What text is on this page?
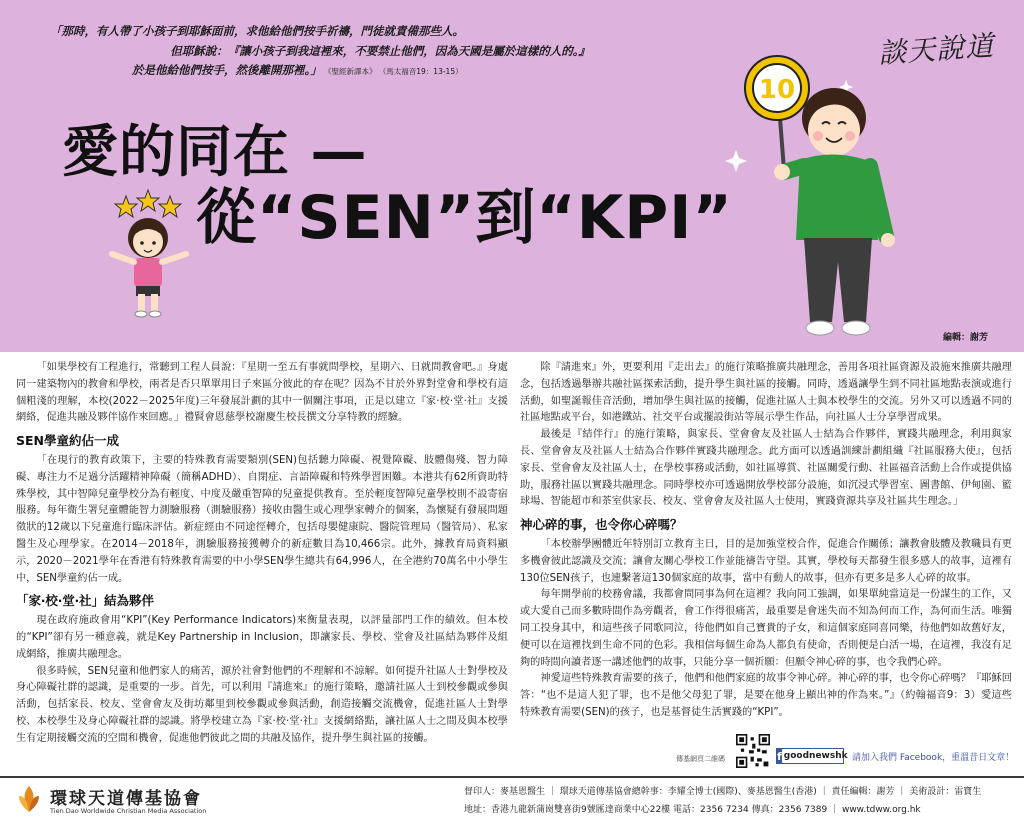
「那時，有人帶了小孩子到耶穌面前，求他給他們按手祈禱，門徒就責備那些人。
但耶穌說：『讓小孩子到我這裡來，不要禁止他們，因為天國是屬於這樣的人的。』
於是他給他們按手，然後離開那裡。」 《聖經新譯本》 （馬太福音19：13-15）
談天說道
愛的同在 —
從“SEN”到“KPI”
10
編輯：謝芳

「如果學校有工程進行，常聽到工程人員說：『星期一至五有事就問學校，星期六、日就問教會吧。』身處同一建築物內的教會和學校，兩者是否只單單用日子來區分彼此的存在呢？因為不甘於外界對堂會和學校有這個粗淺的理解，本校(2022－2025年度)三年發展計劃的其中一個關注事項，正是以建立『家‧校‧堂‧社』支援網絡，促進共融及夥伴協作來回應。」禮賢會恩慈學校謝慶生校長撰文分享特教的經驗。

SEN學童約佔一成

「在現行的教育政策下，主要的特殊教育需要類別(SEN)包括聽力障礙、視覺障礙、肢體傷殘、智力障礙、專注力不足過分活躍精神障礙（簡稱ADHD）、自閉症、言語障礙和特殊學習困難。本港共有62所資助特殊學校，其中智障兒童學校分為有輕度、中度及嚴重智障的兒童提供教育。至於輕度智障兒童學校則不設寄宿服務。每年衞生署兒童體能智力測驗服務（測驗服務）接收由醫生或心理學家轉介的個案，為懷疑有發展問題徵狀的12歲以下兒童進行臨床評估。新症經由不同途徑轉介，包括母嬰健康院、醫院管理局（醫管局）、私家醫生及心理學家。在2014－2018年，測驗服務接獲轉介的新症數目為10,466宗。此外，據教育局資料顯示，2020－2021學年在香港有特殊教育需要的中小學SEN學生總共有64,996人，在全港約70萬名中小學生中，SEN學童約佔一成。

「家‧校‧堂‧社」結為夥伴

現在政府施政會用“KPI”(Key Performance Indicators)來衡量表現，以評量部門工作的績效。但本校的“KPI”卻有另一種意義，就是Key Partnership in Inclusion，即讓家長、學校、堂會及社區結為夥伴及組成網絡，推廣共融理念。

很多時候，SEN兒童和他們家人的痛苦，源於社會對他們的不理解和不諒解。如何提升社區人士對學校及身心障礙社群的認識，是重要的一步。首先，可以利用『請進來』的施行策略，邀請社區人士到校參觀或參與活動，包括家長、校友、堂會會友及街坊鄰里到校參觀或參與活動，創造接觸交流機會，促進社區人士對學校、本校學生及身心障礙社群的認識。將學校建立為『家‧校‧堂‧社』支援網絡點，讓社區人士之間及與本校學生有定期接觸交流的空間和機會，促進他們彼此之間的共融及協作，提升學生與社區的接觸。

除『請進來』外，更要利用『走出去』的施行策略推廣共融理念，善用各項社區資源及設施來推廣共融理念，包括透過舉辦共融社區探索活動，提升學生與社區的接觸。同時，透過讓學生到不同社區地點表演或進行活動，如聖誕報佳音活動，增加學生與社區的接觸，促進社區人士與本校學生的交流。另外又可以透過不同的社區地點或平台，如港鐵站、社交平台或擺設街站等展示學生作品，向社區人士分享學習成果。

最後是『結伴行』的施行策略，與家長、堂會會友及社區人士結為合作夥伴，實踐共融理念，利用與家長、堂會會友及社區人士結為合作夥伴實踐共融理念。此方面可以透過訓練計劃組織『社區服務大使』，包括家長、堂會會友及社區人士，在學校事務或活動，如社區導賞、社區關愛行動、社區福音活動上合作或提供協助，服務社區以實踐共融理念。同時學校亦可透過開放學校部分設施，如沉浸式學習室、圖書館、伊甸園、籃球場、智能超市和茶室供家長、校友、堂會會友及社區人士使用，實踐資源共享及社區共生理念。」

神心碎的事，也令你心碎嗎？

「本校辦學團體近年特別訂立教育主日，目的是加強堂校合作，促進合作關係；讓教會肢體及教職員有更多機會彼此認識及交流；讓會友關心學校工作並能禱告守望。其實，學校每天都發生很多感人的故事，這裡有130位SEN孩子，也連繫著這130個家庭的故事，當中有動人的故事，但亦有更多是多人心碎的故事。

每年開學前的校務會議，我都會問同事為何在這裡？我向同工強調，如果單純當這是一份謀生的工作，又或大愛自己而多數時間作為旁觀者，會工作得很痛苦，最重要是會迷失而不知為何而工作，為何而生活。唯獨同工投身其中，和這些孩子同歌同泣，待他們如自己寶貴的子女，和這個家庭同喜同樂，待他們如故舊好友，便可以在這裡找到生命不同的色彩。我相信每個生命為人都負有使命，否則便是白活一場，在這裡，我沒有足夠的時間向讀者逐一講述他們的故事，只能分享一個祈願：但願令神心碎的事，也令我們心碎。

神愛這些特殊教育需要的孩子，他們和他們家庭的故事令神心碎。神心碎的事，也令你心碎嗎？『耶穌回答：“也不是這人犯了罪，也不是他父母犯了罪，是要在他身上顯出神的作為來。”』（約翰福音9：3）愛這些特殊教育需要(SEN)的孩子，也是基督徒生活實踐的“KPI”。

傳基網頁二維碼	f goodnewshk 請加入我們 Facebook，重溫昔日文章！
環球天道傳基協會
Tien Dao Worldwide Christian Media Association
督印人：麥基恩醫生 ｜ 環球天道傳基協會總幹事：李耀全博士(國際)、麥基恩醫生(香港) ｜ 責任編輯：謝芳 ｜ 美術設計：雷寶生
地址：香港九龍新蒲崗雙喜街9號匯達商業中心22樓 電話：2356 7234 傳真：2356 7389 ｜ www.tdww.org.hk
